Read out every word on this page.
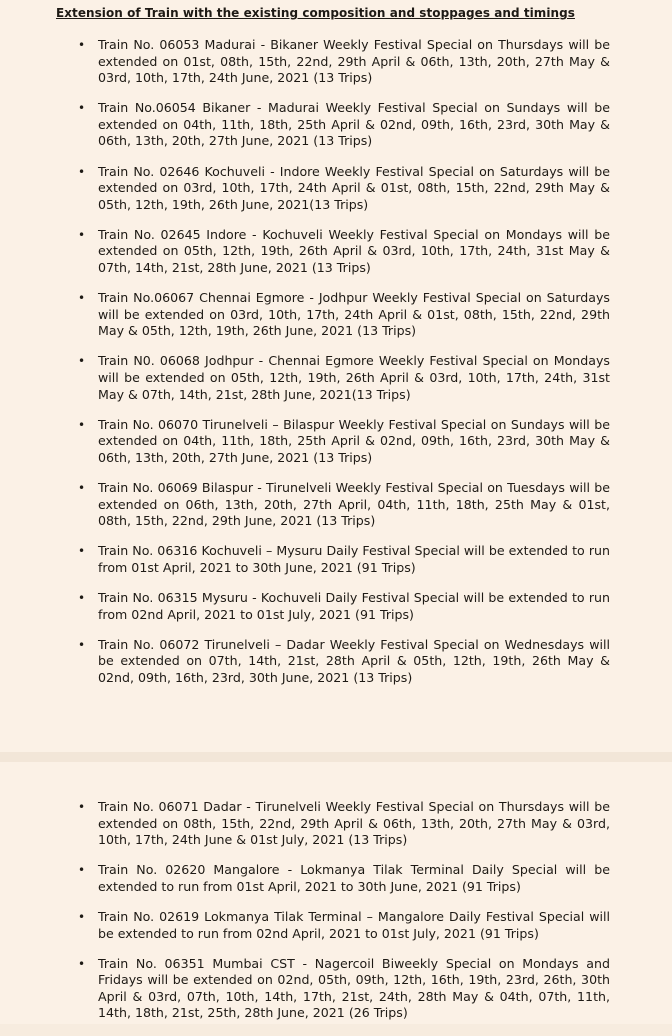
Extension of Train with the existing composition and stoppages and timings
• Train No. 06053 Madurai - Bikaner Weekly Festival Special on Thursdays will be extended on 01st, 08th, 15th, 22nd, 29th April & 06th, 13th, 20th, 27th May & 03rd, 10th, 17th, 24th June, 2021 (13 Trips)
• Train No.06054 Bikaner - Madurai Weekly Festival Special on Sundays will be extended on 04th, 11th, 18th, 25th April & 02nd, 09th, 16th, 23rd, 30th May & 06th, 13th, 20th, 27th June, 2021 (13 Trips)
• Train No. 02646 Kochuveli - Indore Weekly Festival Special on Saturdays will be extended on 03rd, 10th, 17th, 24th April & 01st, 08th, 15th, 22nd, 29th May & 05th, 12th, 19th, 26th June, 2021(13 Trips)
• Train No. 02645 Indore - Kochuveli Weekly Festival Special on Mondays will be extended on 05th, 12th, 19th, 26th April & 03rd, 10th, 17th, 24th, 31st May & 07th, 14th, 21st, 28th June, 2021 (13 Trips)
• Train No.06067 Chennai Egmore - Jodhpur Weekly Festival Special on Saturdays will be extended on 03rd, 10th, 17th, 24th April & 01st, 08th, 15th, 22nd, 29th May & 05th, 12th, 19th, 26th June, 2021 (13 Trips)
• Train N0. 06068 Jodhpur - Chennai Egmore Weekly Festival Special on Mondays will be extended on 05th, 12th, 19th, 26th April & 03rd, 10th, 17th, 24th, 31st May & 07th, 14th, 21st, 28th June, 2021(13 Trips)
• Train No. 06070 Tirunelveli – Bilaspur Weekly Festival Special on Sundays will be extended on 04th, 11th, 18th, 25th April & 02nd, 09th, 16th, 23rd, 30th May & 06th, 13th, 20th, 27th June, 2021 (13 Trips)
• Train No. 06069 Bilaspur - Tirunelveli Weekly Festival Special on Tuesdays will be extended on 06th, 13th, 20th, 27th April, 04th, 11th, 18th, 25th May & 01st, 08th, 15th, 22nd, 29th June, 2021 (13 Trips)
• Train No. 06316 Kochuveli – Mysuru Daily Festival Special will be extended to run from 01st April, 2021 to 30th June, 2021 (91 Trips)
• Train No. 06315 Mysuru - Kochuveli Daily Festival Special will be extended to run from 02nd April, 2021 to 01st July, 2021 (91 Trips)
• Train No. 06072 Tirunelveli – Dadar Weekly Festival Special on Wednesdays will be extended on 07th, 14th, 21st, 28th April & 05th, 12th, 19th, 26th May & 02nd, 09th, 16th, 23rd, 30th June, 2021 (13 Trips)
• Train No. 06071 Dadar - Tirunelveli Weekly Festival Special on Thursdays will be extended on 08th, 15th, 22nd, 29th April & 06th, 13th, 20th, 27th May & 03rd, 10th, 17th, 24th June & 01st July, 2021 (13 Trips)
• Train No. 02620 Mangalore - Lokmanya Tilak Terminal Daily Special will be extended to run from 01st April, 2021 to 30th June, 2021 (91 Trips)
• Train No. 02619 Lokmanya Tilak Terminal – Mangalore Daily Festival Special will be extended to run from 02nd April, 2021 to 01st July, 2021 (91 Trips)
• Train No. 06351 Mumbai CST - Nagercoil Biweekly Special on Mondays and Fridays will be extended on 02nd, 05th, 09th, 12th, 16th, 19th, 23rd, 26th, 30th April & 03rd, 07th, 10th, 14th, 17th, 21st, 24th, 28th May & 04th, 07th, 11th, 14th, 18th, 21st, 25th, 28th June, 2021 (26 Trips)
